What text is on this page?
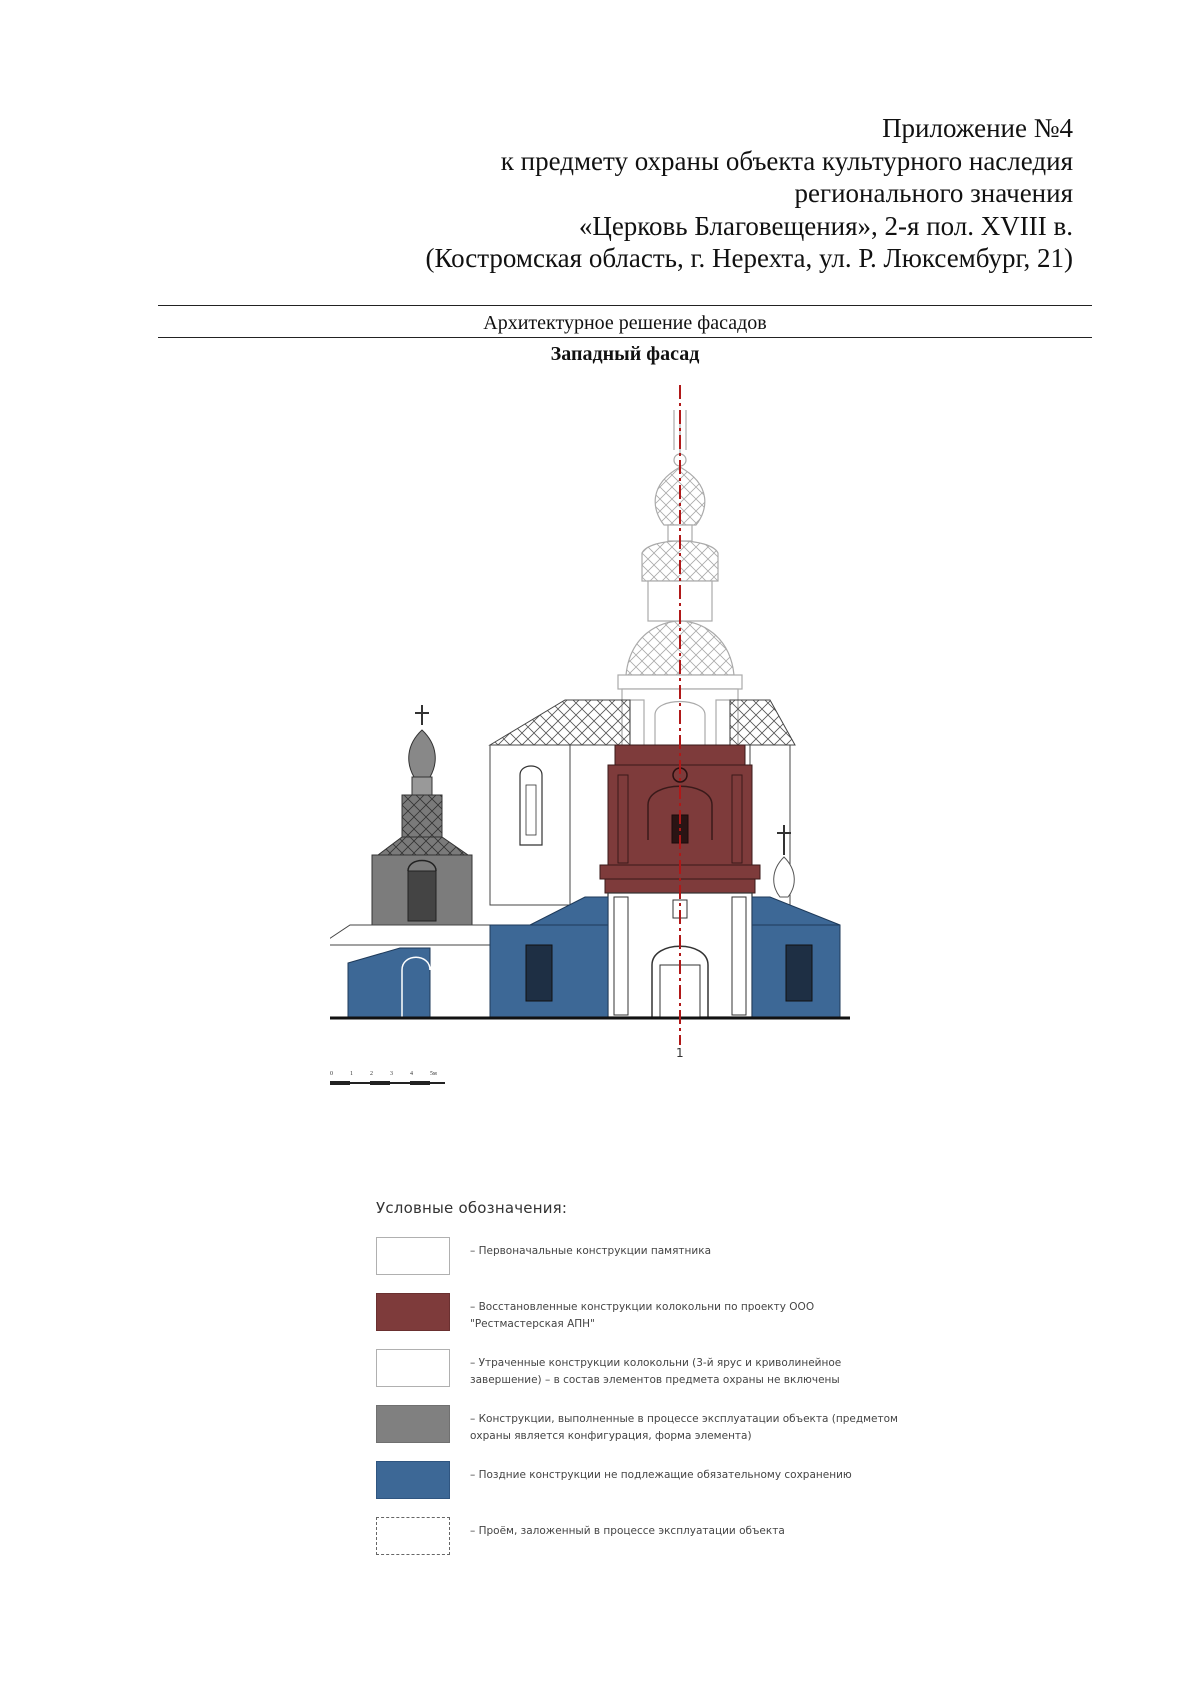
Приложение №4
к предмету охраны объекта культурного наследия
регионального значения
«Церковь Благовещения», 2-я пол. XVIII в.
(Костромская область, г. Нерехта, ул. Р. Люксембург, 21)
Архитектурное решение фасадов
Западный фасад
1
0	1	2	3	4	5м
Условные обозначения:
– Первоначальные конструкции памятника
– Восстановленные конструкции колокольни по проекту ООО "Рестмастерская АПН"
– Утраченные конструкции колокольни (3-й ярус и криволинейное завершение) – в состав элементов предмета охраны не включены
– Конструкции, выполненные в процессе эксплуатации объекта (предметом охраны является конфигурация, форма элемента)
– Поздние конструкции не подлежащие обязательному сохранению
– Проём, заложенный в процессе эксплуатации объекта
